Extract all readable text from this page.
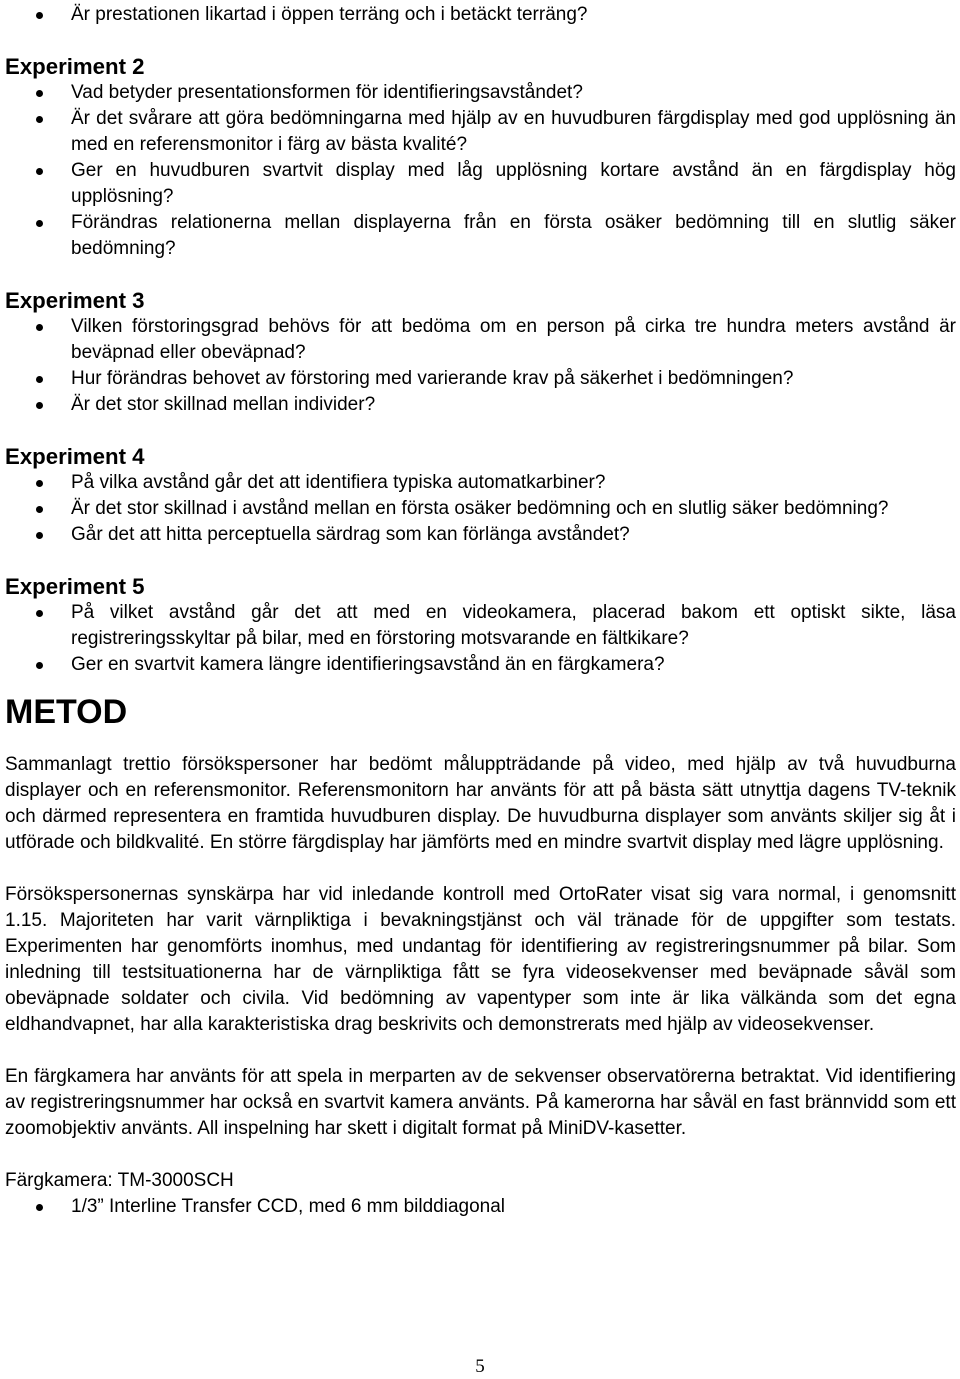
Är prestationen likartad i öppen terräng och i betäckt terräng?
Experiment 2
Vad betyder presentationsformen för identifieringsavståndet?
Är det svårare att göra bedömningarna med hjälp av en huvudburen färgdisplay med god upplösning än med en referensmonitor i färg av bästa kvalité?
Ger en huvudburen svartvit display med låg upplösning kortare avstånd än en färgdisplay hög upplösning?
Förändras relationerna mellan displayerna från en första osäker bedömning till en slutlig säker bedömning?
Experiment 3
Vilken förstoringsgrad behövs för att bedöma om en person på cirka tre hundra meters avstånd är beväpnad eller obeväpnad?
Hur förändras behovet av förstoring med varierande krav på säkerhet i bedömningen?
Är det stor skillnad mellan individer?
Experiment 4
På vilka avstånd går det att identifiera typiska automatkarbiner?
Är det stor skillnad i avstånd mellan en första osäker bedömning och en slutlig säker bedömning?
Går det att hitta perceptuella särdrag som kan förlänga avståndet?
Experiment 5
På vilket avstånd går det att med en videokamera, placerad bakom ett optiskt sikte, läsa registreringsskyltar på bilar, med en förstoring motsvarande en fältkikare?
Ger en svartvit kamera längre identifieringsavstånd än en färgkamera?
METOD

Sammanlagt trettio försökspersoner har bedömt måluppträdande på video, med hjälp av två huvudburna displayer och en referensmonitor. Referensmonitorn har använts för att på bästa sätt utnyttja dagens TV-teknik och därmed representera en framtida huvudburen display. De huvudburna displayer som använts skiljer sig åt i utförade och bildkvalité. En större färgdisplay har jämförts med en mindre svartvit display med lägre upplösning.

Försökspersonernas synskärpa har vid inledande kontroll med OrtoRater visat sig vara normal, i genomsnitt 1.15. Majoriteten har varit värnpliktiga i bevakningstjänst och väl tränade för de uppgifter som testats. Experimenten har genomförts inomhus, med undantag för identifiering av registreringsnummer på bilar. Som inledning till testsituationerna har de värnpliktiga fått se fyra videosekvenser med beväpnade såväl som obeväpnade soldater och civila. Vid bedömning av vapentyper som inte är lika välkända som det egna eldhandvapnet, har alla karakteristiska drag beskrivits och demonstrerats med hjälp av videosekvenser.

En färgkamera har använts för att spela in merparten av de sekvenser observatörerna betraktat. Vid identifiering av registreringsnummer har också en svartvit kamera använts. På kamerorna har såväl en fast brännvidd som ett zoomobjektiv använts. All inspelning har skett i digitalt format på MiniDV-kasetter.

Färgkamera: TM-3000SCH

1/3” Interline Transfer CCD, med 6 mm bilddiagonal
5
